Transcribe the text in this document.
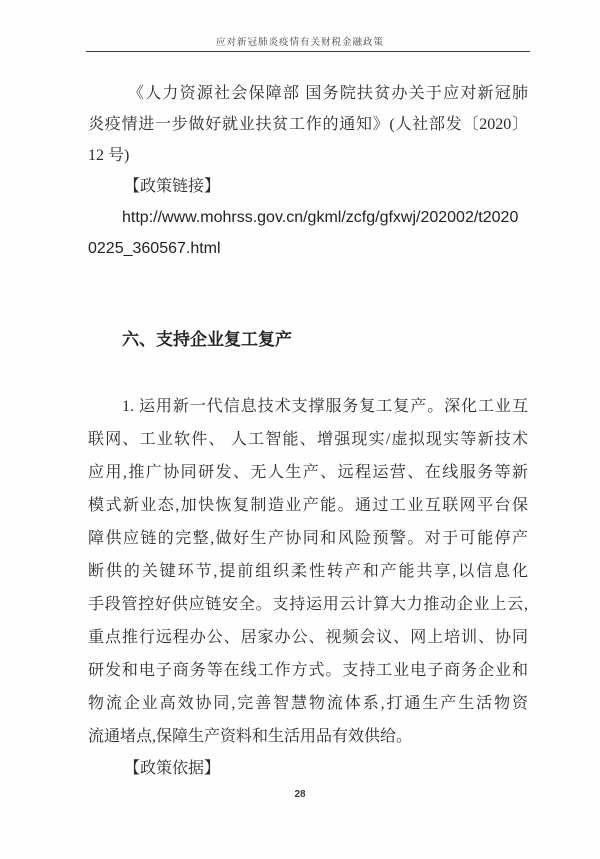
应对新冠肺炎疫情有关财税金融政策
《人力资源社会保障部 国务院扶贫办关于应对新冠肺
炎疫情进一步做好就业扶贫工作的通知》(人社部发〔2020〕
12 号)
【政策链接】
http://www.mohrss.gov.cn/gkml/zcfg/gfxwj/202002/t2020
0225_360567.html
六、支持企业复工复产
1. 运用新一代信息技术支撑服务复工复产。深化工业互
联网、工业软件、 人工智能、增强现实/虚拟现实等新技术
应用,推广协同研发、无人生产、远程运营、在线服务等新
模式新业态,加快恢复制造业产能。通过工业互联网平台保
障供应链的完整,做好生产协同和风险预警。对于可能停产
断供的关键环节,提前组织柔性转产和产能共享,以信息化
手段管控好供应链安全。支持运用云计算大力推动企业上云,
重点推行远程办公、居家办公、视频会议、网上培训、协同
研发和电子商务等在线工作方式。支持工业电子商务企业和
物流企业高效协同,完善智慧物流体系,打通生产生活物资
流通堵点,保障生产资料和生活用品有效供给。
【政策依据】
28
